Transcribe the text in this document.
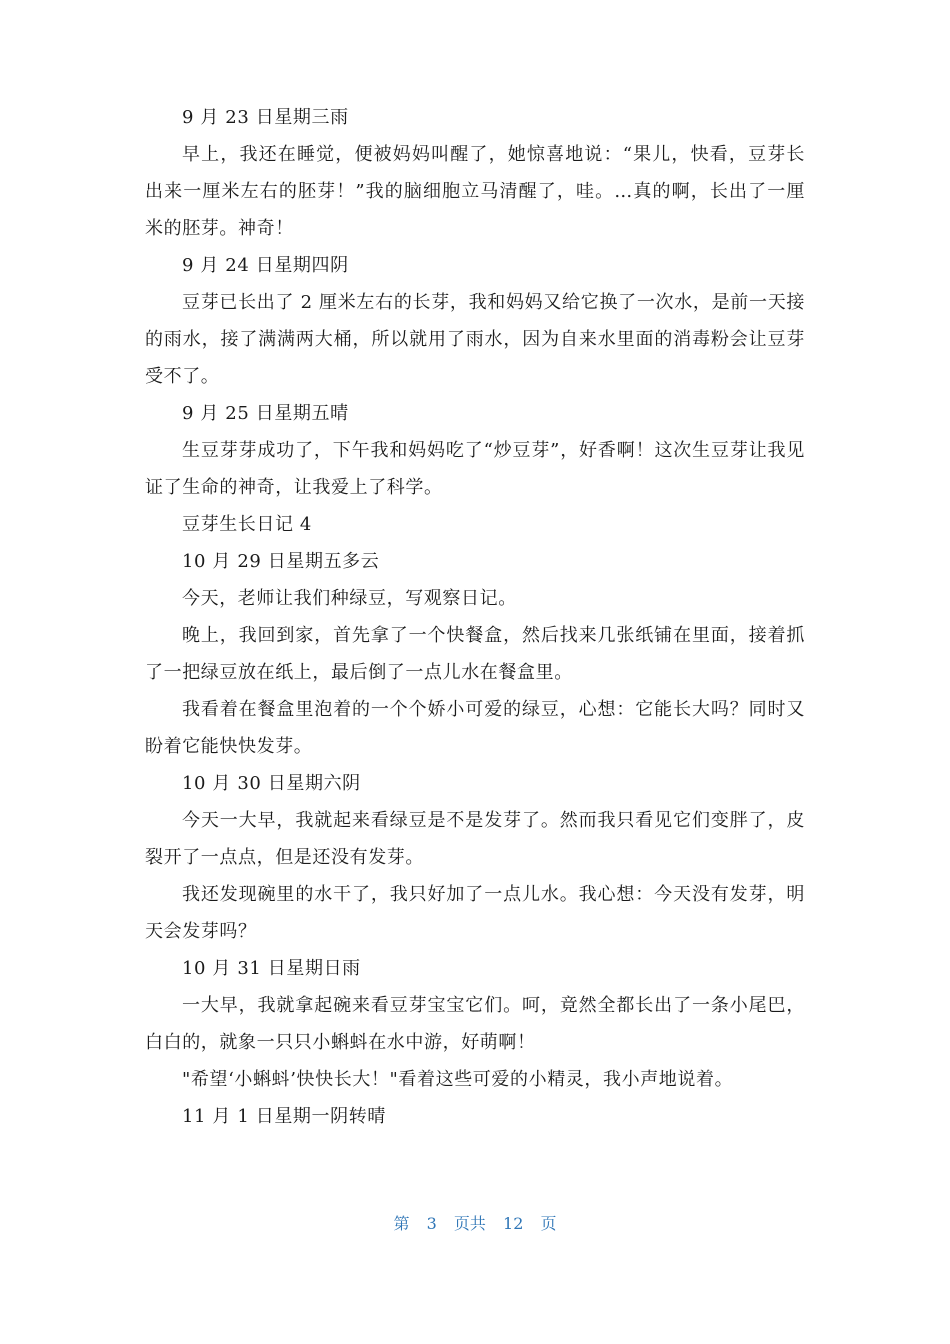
9 月 23 日星期三雨

早上，我还在睡觉，便被妈妈叫醒了，她惊喜地说：“果儿，快看，豆芽长出来一厘米左右的胚芽！”我的脑细胞立马清醒了，哇。…真的啊，长出了一厘米的胚芽。神奇！

9 月 24 日星期四阴

豆芽已长出了 2 厘米左右的长芽，我和妈妈又给它换了一次水，是前一天接的雨水，接了满满两大桶，所以就用了雨水，因为自来水里面的消毒粉会让豆芽受不了。

9 月 25 日星期五晴

生豆芽芽成功了，下午我和妈妈吃了“炒豆芽”，好香啊！这次生豆芽让我见证了生命的神奇，让我爱上了科学。

豆芽生长日记 4

10 月 29 日星期五多云

今天，老师让我们种绿豆，写观察日记。

晚上，我回到家，首先拿了一个快餐盒，然后找来几张纸铺在里面，接着抓了一把绿豆放在纸上，最后倒了一点儿水在餐盒里。

我看着在餐盒里泡着的一个个娇小可爱的绿豆，心想：它能长大吗？同时又盼着它能快快发芽。

10 月 30 日星期六阴

今天一大早，我就起来看绿豆是不是发芽了。然而我只看见它们变胖了，皮裂开了一点点，但是还没有发芽。

我还发现碗里的水干了，我只好加了一点儿水。我心想：今天没有发芽，明天会发芽吗？

10 月 31 日星期日雨

一大早，我就拿起碗来看豆芽宝宝它们。呵，竟然全都长出了一条小尾巴，白白的，就象一只只小蝌蚪在水中游，好萌啊！

"希望‘小蝌蚪’快快长大！"看着这些可爱的小精灵，我小声地说着。

11 月 1 日星期一阴转晴

第 3 页共 12 页
